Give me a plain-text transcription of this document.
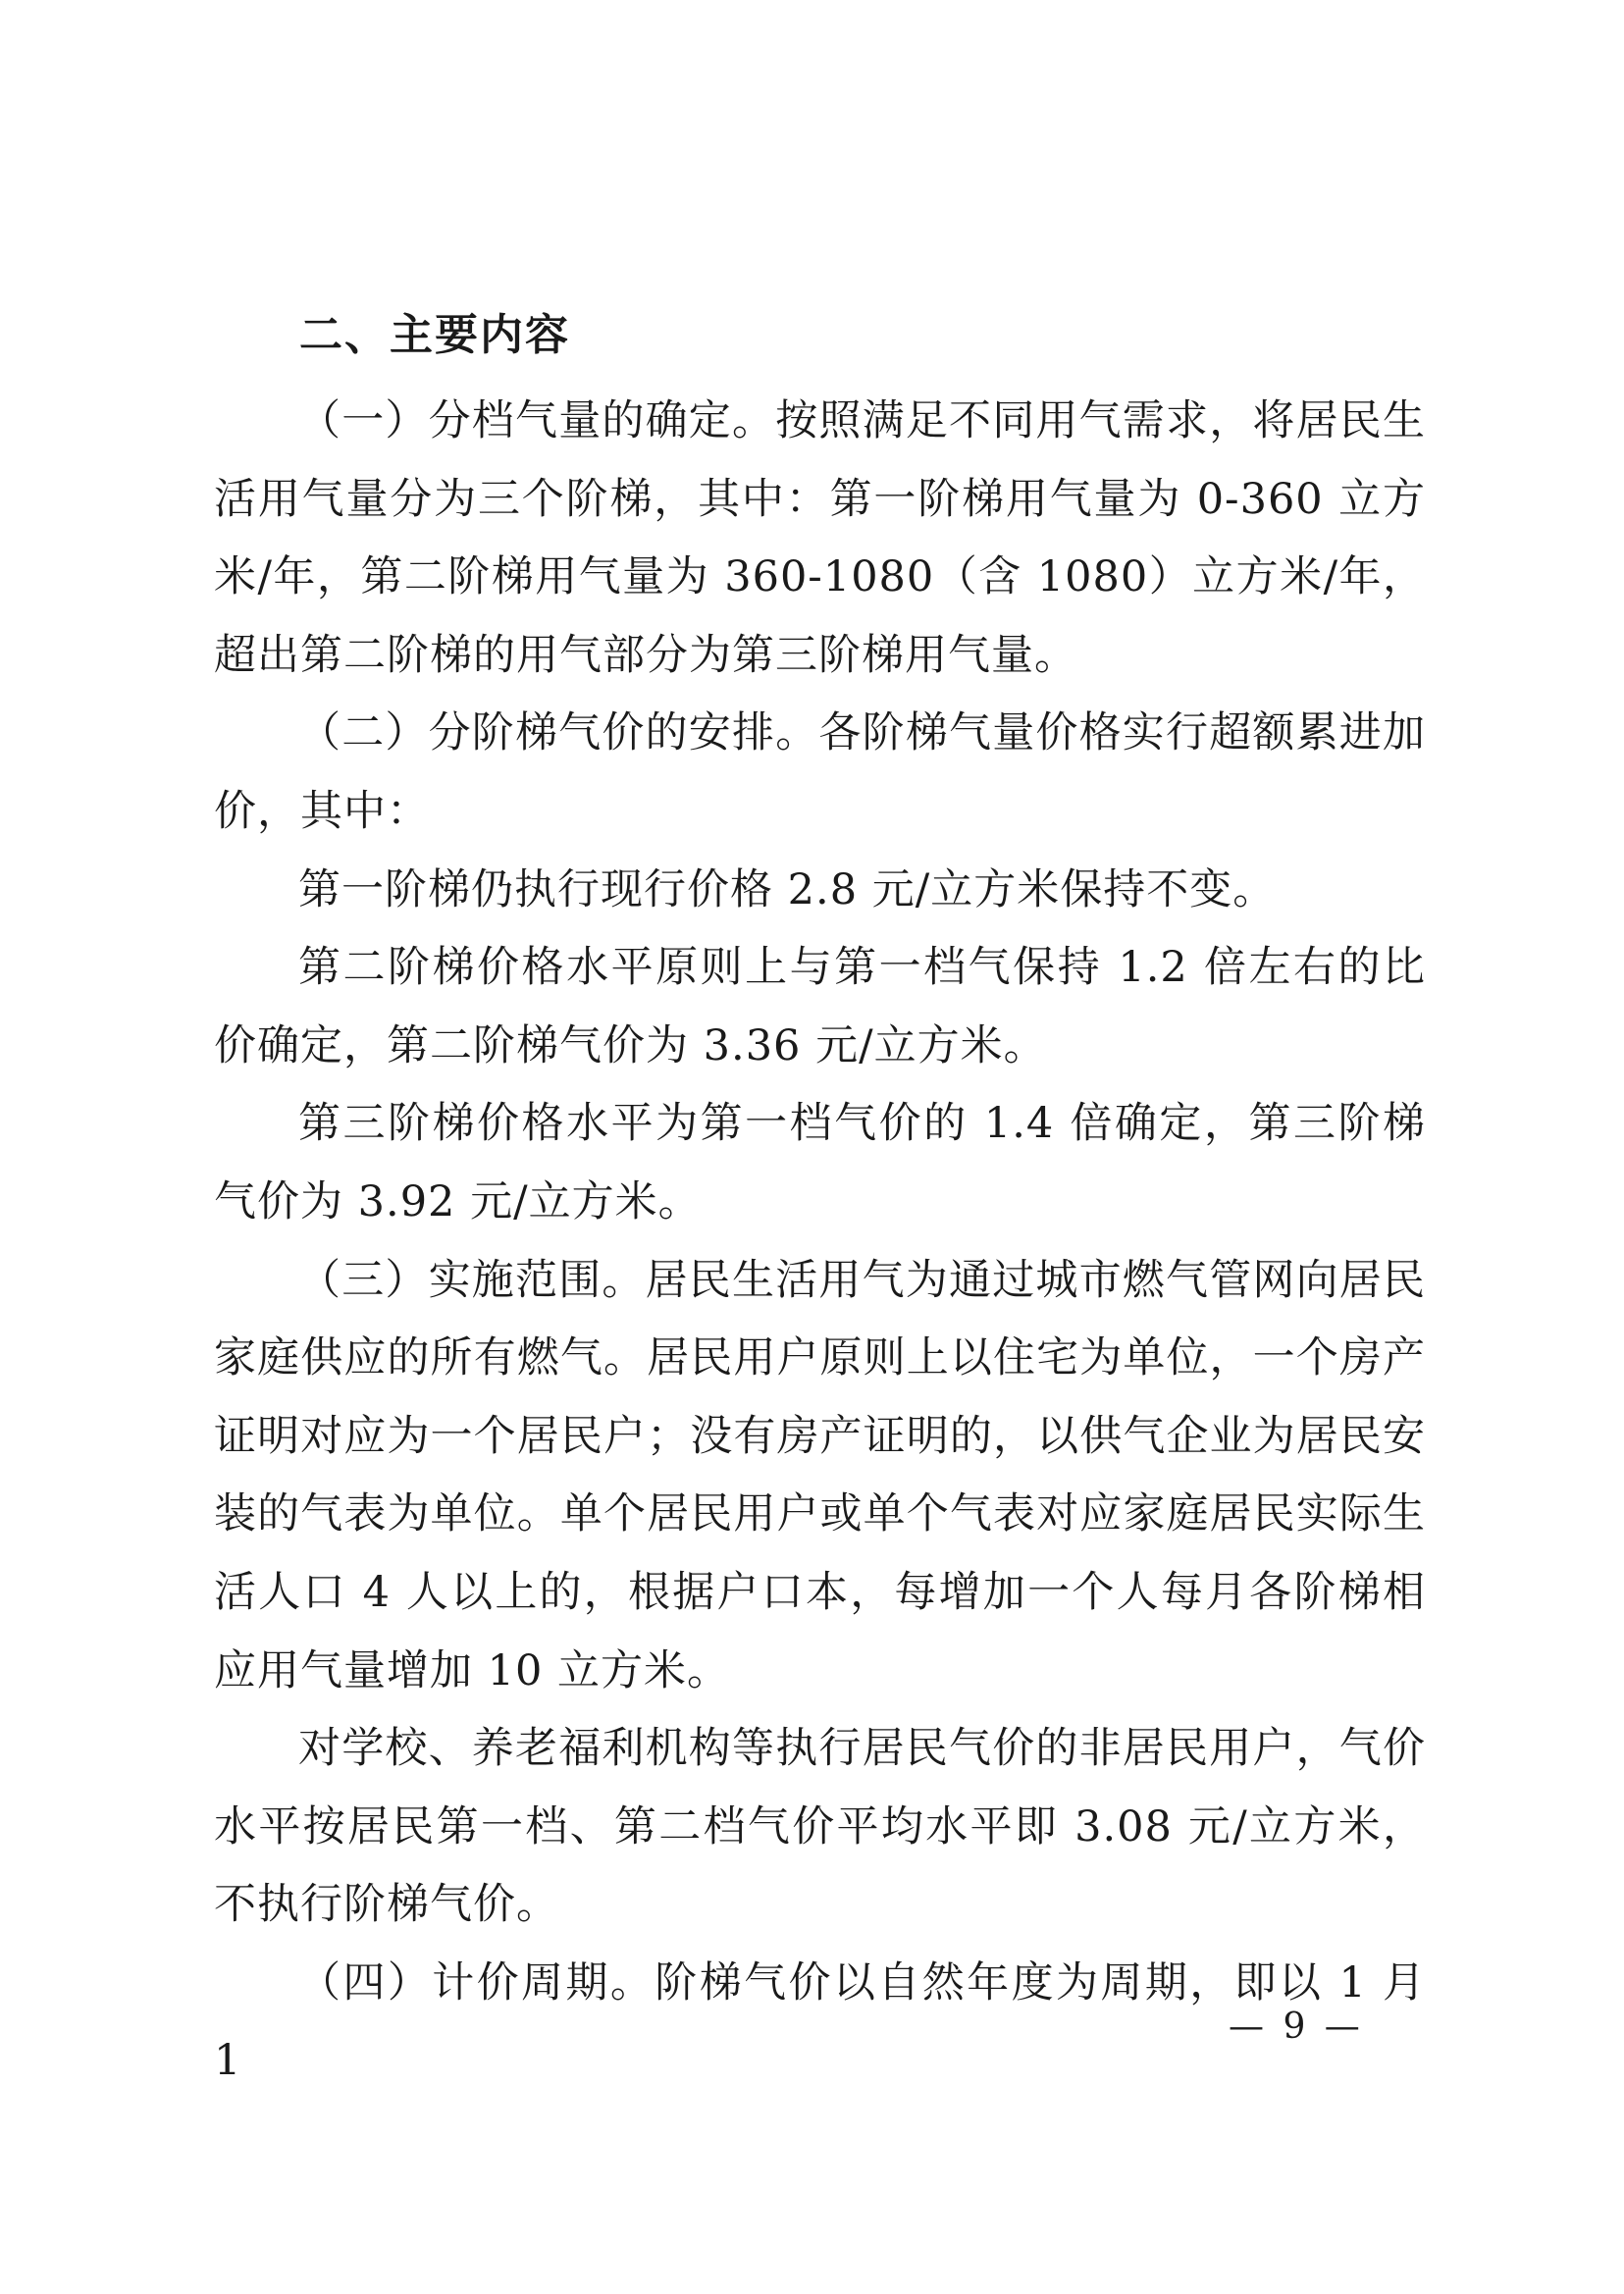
二、主要内容

（一）分档气量的确定。按照满足不同用气需求，将居民生活用气量分为三个阶梯，其中：第一阶梯用气量为 0-360 立方米/年，第二阶梯用气量为 360-1080（含 1080）立方米/年，超出第二阶梯的用气部分为第三阶梯用气量。

（二）分阶梯气价的安排。各阶梯气量价格实行超额累进加价，其中：

第一阶梯仍执行现行价格 2.8 元/立方米保持不变。

第二阶梯价格水平原则上与第一档气保持 1.2 倍左右的比价确定，第二阶梯气价为 3.36 元/立方米。

第三阶梯价格水平为第一档气价的 1.4 倍确定，第三阶梯气价为 3.92 元/立方米。

（三）实施范围。居民生活用气为通过城市燃气管网向居民家庭供应的所有燃气。居民用户原则上以住宅为单位，一个房产证明对应为一个居民户；没有房产证明的，以供气企业为居民安装的气表为单位。单个居民用户或单个气表对应家庭居民实际生活人口 4 人以上的，根据户口本，每增加一个人每月各阶梯相应用气量增加 10 立方米。

对学校、养老福利机构等执行居民气价的非居民用户，气价水平按居民第一档、第二档气价平均水平即 3.08 元/立方米，不执行阶梯气价。

（四）计价周期。阶梯气价以自然年度为周期，即以 1 月 1

— 9 —
